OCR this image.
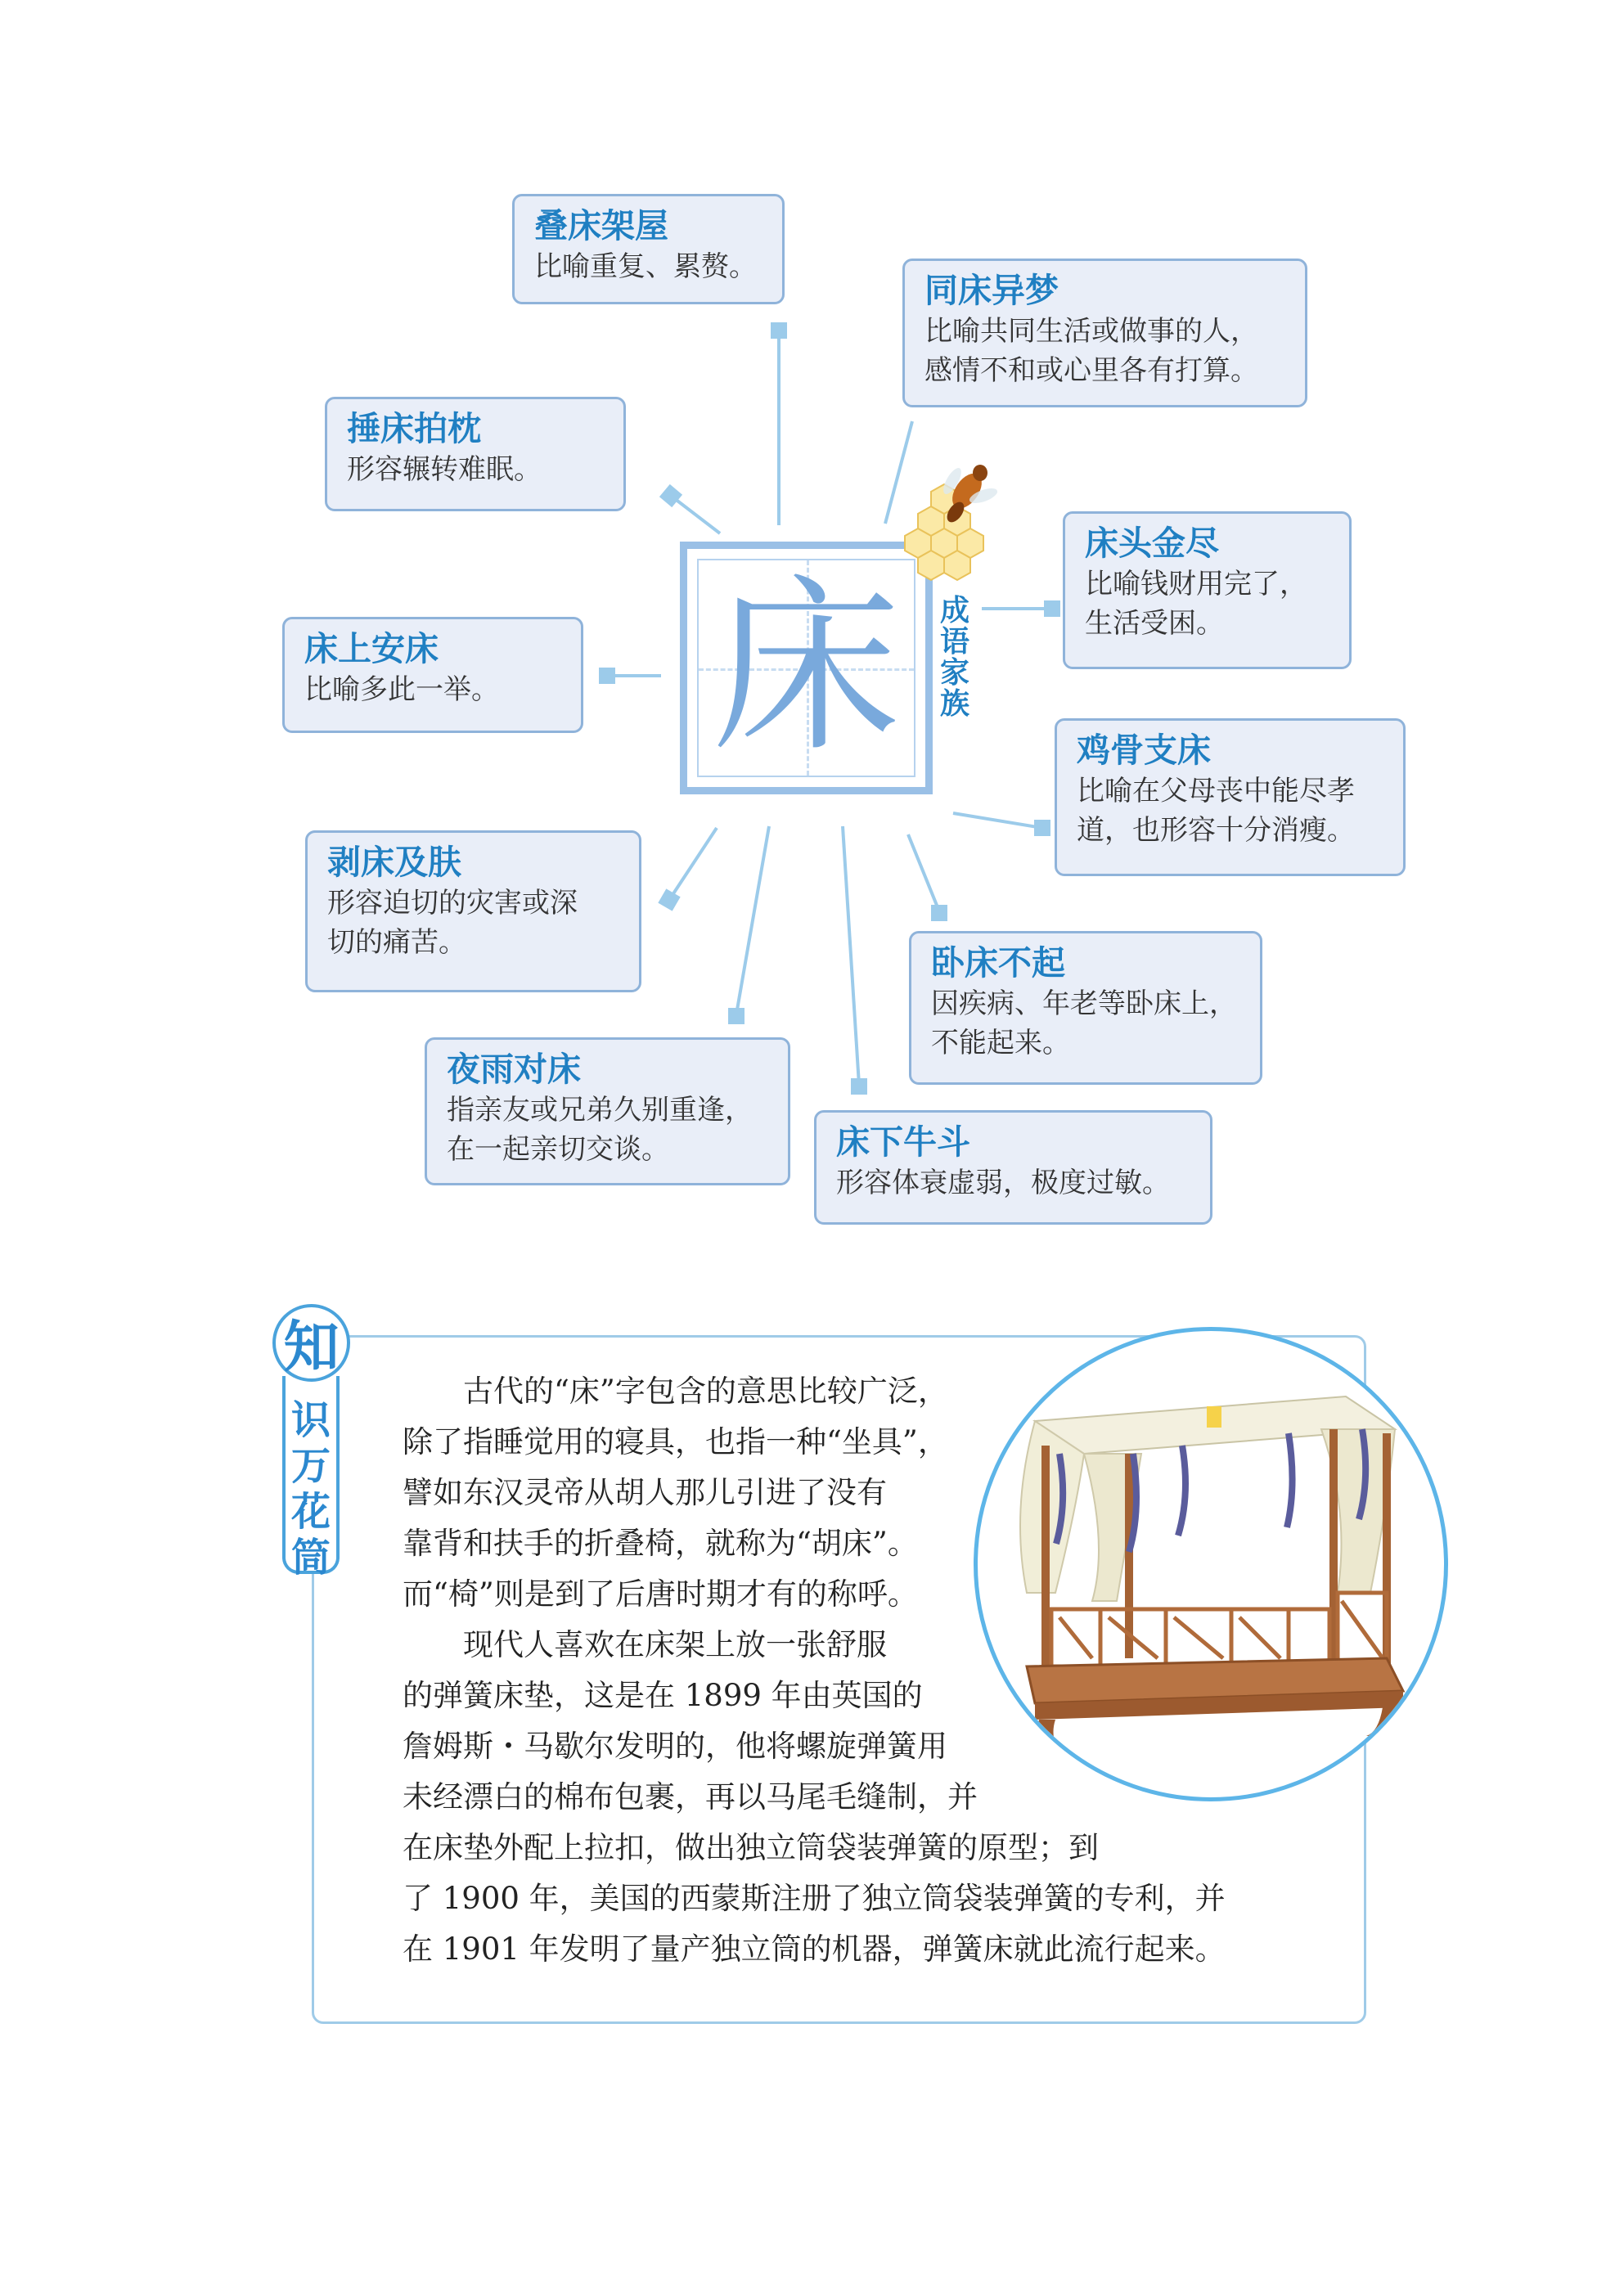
叠床架屋
比喻重复、累赘。
同床异梦
比喻共同生活或做事的人，
感情不和或心里各有打算。
捶床拍枕
形容辗转难眠。
床头金尽
比喻钱财用完了，
生活受困。
床上安床
比喻多此一举。
鸡骨支床
比喻在父母丧中能尽孝
道，也形容十分消瘦。
剥床及肤
形容迫切的灾害或深
切的痛苦。
卧床不起
因疾病、年老等卧床上，
不能起来。
夜雨对床
指亲友或兄弟久别重逢，
在一起亲切交谈。	床下牛斗
形容体衰虚弱，极度过敏。
床	成
语
家
族
识
万
花
筒
知
　　古代的“床”字包含的意思比较广泛，
除了指睡觉用的寝具，也指一种“坐具”，
譬如东汉灵帝从胡人那儿引进了没有
靠背和扶手的折叠椅，就称为“胡床”。
而“椅”则是到了后唐时期才有的称呼。
　　现代人喜欢在床架上放一张舒服
的弹簧床垫，这是在 1899 年由英国的
詹姆斯・马歇尔发明的，他将螺旋弹簧用
未经漂白的棉布包裹，再以马尾毛缝制，并
在床垫外配上拉扣，做出独立筒袋装弹簧的原型；到
了 1900 年，美国的西蒙斯注册了独立筒袋装弹簧的专利，并
在 1901 年发明了量产独立筒的机器，弹簧床就此流行起来。
